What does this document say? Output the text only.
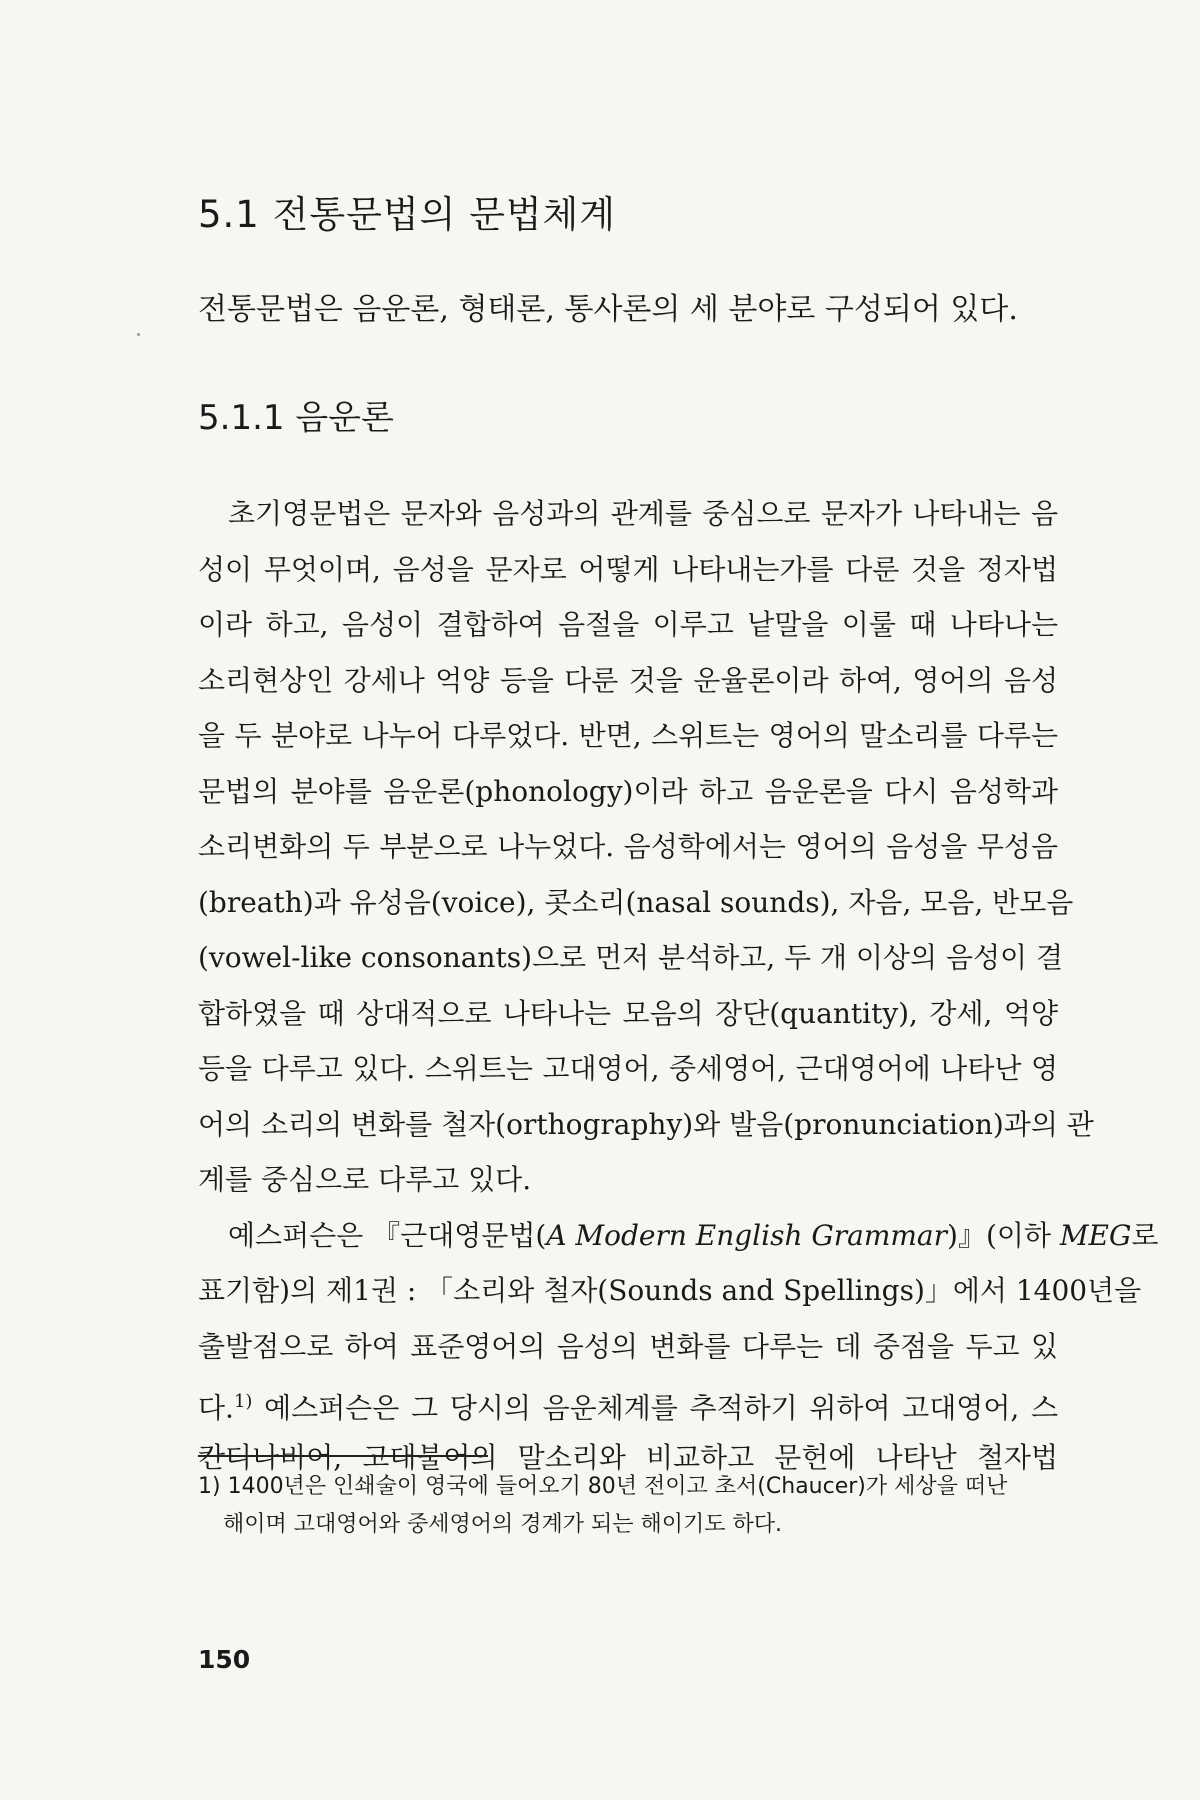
5.1 전통문법의 문법체계
전통문법은 음운론, 형태론, 통사론의 세 분야로 구성되어 있다.
5.1.1 음운론
초기영문법은 문자와 음성과의 관계를 중심으로 문자가 나타내는 음
성이 무엇이며, 음성을 문자로 어떻게 나타내는가를 다룬 것을 정자법
이라 하고, 음성이 결합하여 음절을 이루고 낱말을 이룰 때 나타나는
소리현상인 강세나 억양 등을 다룬 것을 운율론이라 하여, 영어의 음성
을 두 분야로 나누어 다루었다. 반면, 스위트는 영어의 말소리를 다루는
문법의 분야를 음운론(phonology)이라 하고 음운론을 다시 음성학과
소리변화의 두 부분으로 나누었다. 음성학에서는 영어의 음성을 무성음
(breath)과 유성음(voice), 콧소리(nasal sounds), 자음, 모음, 반모음
(vowel-like consonants)으로 먼저 분석하고, 두 개 이상의 음성이 결
합하였을 때 상대적으로 나타나는 모음의 장단(quantity), 강세, 억양
등을 다루고 있다. 스위트는 고대영어, 중세영어, 근대영어에 나타난 영
어의 소리의 변화를 철자(orthography)와 발음(pronunciation)과의 관
계를 중심으로 다루고 있다.
예스퍼슨은 『근대영문법(A Modern English Grammar)』(이하 MEG로
표기함)의 제1권 : 「소리와 철자(Sounds and Spellings)」에서 1400년을
출발점으로 하여 표준영어의 음성의 변화를 다루는 데 중점을 두고 있
다.$^{1)}$ 예스퍼슨은 그 당시의 음운체계를 추적하기 위하여 고대영어, 스
칸디나비어, 고대불어의 말소리와 비교하고 문헌에 나타난 철자법
1) 1400년은 인쇄술이 영국에 들어오기 80년 전이고 초서(Chaucer)가 세상을 떠난
해이며 고대영어와 중세영어의 경계가 되는 해이기도 하다.
150
